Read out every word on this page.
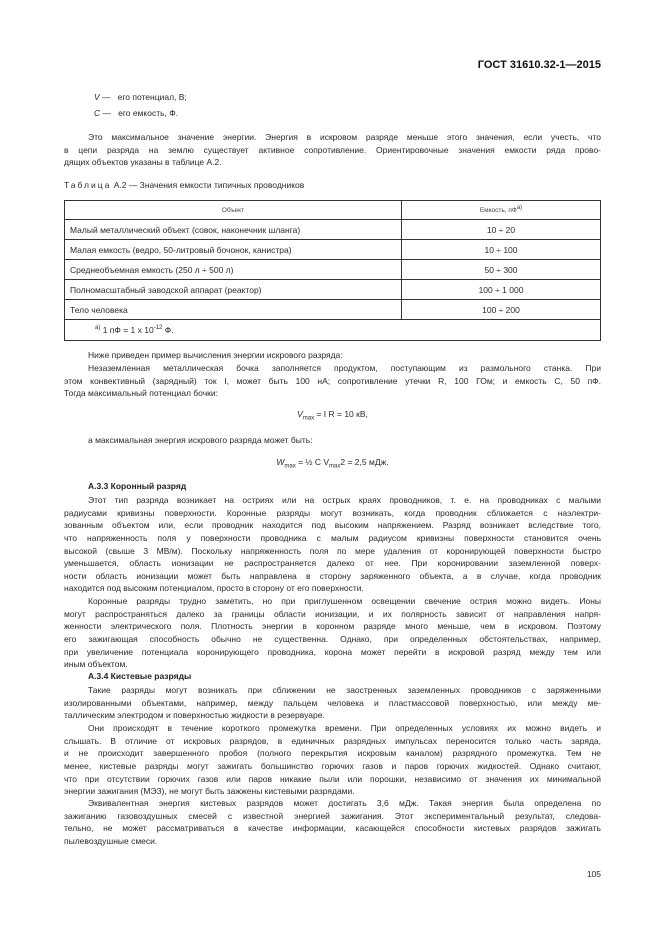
ГОСТ 31610.32-1—2015
V — его потенциал, В;
C — его емкость, Ф.
Это максимальное значение энергии. Энергия в искровом разряде меньше этого значения, если учесть, что
в цепи разряда на землю существует активное сопротивление. Ориентировочные значения емкости ряда прово-
дящих объектов указаны в таблице А.2.
Таблица А.2 — Значения емкости типичных проводников
Объект	Емкость, $пФ^{а)}$
Малый металлический объект (совок, наконечник шланга)	10 ÷ 20
Малая емкость (ведро, 50-литровый бочонок, канистра)	10 ÷ 100
Среднеобъемная емкость (250 л ÷ 500 л)	50 ÷ 300
Полномасштабный заводской аппарат (реактор)	100 ÷ 1 000
Тело человека	100 ÷ 200
$^{а)}$ 1 пФ = 1 x $10^{-12}$ Ф.	
Ниже приведен пример вычисления энергии искрового разряда:
Незаземленная металлическая бочка заполняется продуктом, поступающим из размольного станка. При
этом конвективный (зарядный) ток I, может быть 100 нА; сопротивление утечки R, 100 ГОм; и емкость C, 50 пФ.
Тогда максимальный потенциал бочки:
$V_{max} = I$ R = 10 кВ,
а максимальная энергия искрового разряда может быть:
$W_{max}$ = ½ C $V_{max}2 = 2,5$ мДж.
А.3.3 Коронный разряд
Этот тип разряда возникает на остриях или на острых краях проводников, т. е. на проводниках с малыми
радиусами кривизны поверхности. Коронные разряды могут возникать, когда проводник сближается с наэлектри-
зованным объектом или, если проводник находится под высоким напряжением. Разряд возникает вследствие того,
что напряженность поля у поверхности проводника с малым радиусом кривизны поверхности становится очень
высокой (свыше 3 МВ/м). Поскольку напряженность поля по мере удаления от коронирующей поверхности быстро
уменьшается, область ионизации не распространяется далеко от нее. При коронировании заземленной поверх-
ности область ионизации может быть направлена в сторону заряженного объекта, а в случае, когда проводник
находится под высоким потенциалом, просто в сторону от его поверхности.
Коронные разряды трудно заметить, но при приглушенном освещении свечение острия можно видеть. Ионы
могут распространяться далеко за границы области ионизации, и их полярность зависит от направления напря-
женности электрического поля. Плотность энергии в коронном разряде много меньше, чем в искровом. Поэтому
его зажигающая способность обычно не существенна. Однако, при определенных обстоятельствах, например,
при увеличение потенциала коронирующего проводника, корона может перейти в искровой разряд между тем или
иным объектом.
А.3.4 Кистевые разряды
Такие разряды могут возникать при сближении не заостренных заземленных проводников с заряженными
изолированными объектами, например, между пальцем человека и пластмассовой поверхностью, или между ме-
таллическим электродом и поверхностью жидкости в резервуаре.
Они происходят в течение короткого промежутка времени. При определенных условиях их можно видеть и
слышать. В отличие от искровых разрядов, в единичных разрядных импульсах переносится только часть заряда,
и не происходит завершенного пробоя (полного перекрытия искровым каналом) разрядного промежутка. Тем не
менее, кистевые разряды могут зажигать большинство горючих газов и паров горючих жидкостей. Однако считают,
что при отсутствии горючих газов или паров никакие пыли или порошки, независимо от значения их минимальной
энергии зажигания (МЭЗ), не могут быть зажжены кистевыми разрядами.
Эквивалентная энергия кистевых разрядов может достигать 3,6 мДж. Такая энергия была определена по
зажиганию газовоздушных смесей с известной энергией зажигания. Этот экспериментальный результат, следова-
тельно, не может рассматриваться в качестве информации, касающейся способности кистевых разрядов зажигать
пылевоздушные смеси.
105
